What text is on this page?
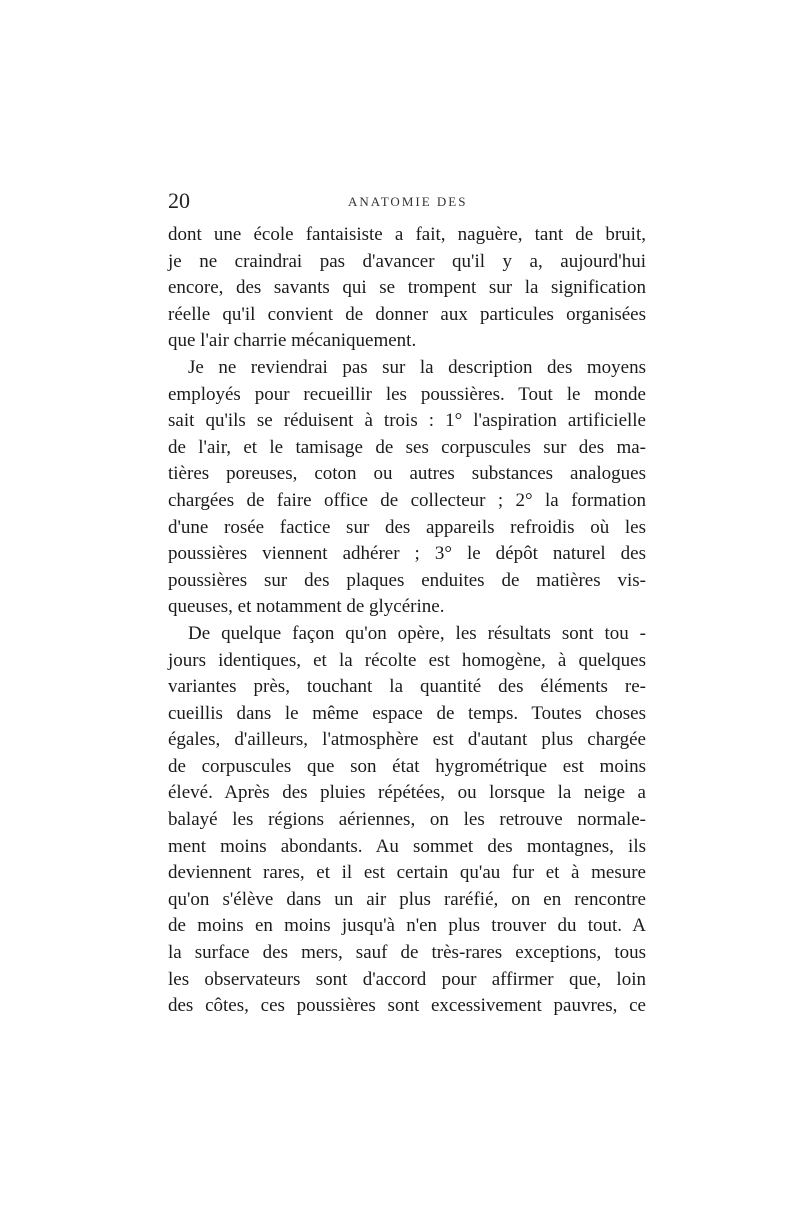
20	ANATOMIE DES
dont une école fantaisiste a fait, naguère, tant de bruit,
je ne craindrai pas d'avancer qu'il y a, aujourd'hui
encore, des savants qui se trompent sur la signification
réelle qu'il convient de donner aux particules organisées
que l'air charrie mécaniquement.
Je ne reviendrai pas sur la description des moyens
employés pour recueillir les poussières. Tout le monde
sait qu'ils se réduisent à trois : 1° l'aspiration artificielle
de l'air, et le tamisage de ses corpuscules sur des ma-
tières poreuses, coton ou autres substances analogues
chargées de faire office de collecteur ; 2° la formation
d'une rosée factice sur des appareils refroidis où les
poussières viennent adhérer ; 3° le dépôt naturel des
poussières sur des plaques enduites de matières vis-
queuses, et notamment de glycérine.
De quelque façon qu'on opère, les résultats sont tou -
jours identiques, et la récolte est homogène, à quelques
variantes près, touchant la quantité des éléments re-
cueillis dans le même espace de temps. Toutes choses
égales, d'ailleurs, l'atmosphère est d'autant plus chargée
de corpuscules que son état hygrométrique est moins
élevé. Après des pluies répétées, ou lorsque la neige a
balayé les régions aériennes, on les retrouve normale-
ment moins abondants. Au sommet des montagnes, ils
deviennent rares, et il est certain qu'au fur et à mesure
qu'on s'élève dans un air plus raréfié, on en rencontre
de moins en moins jusqu'à n'en plus trouver du tout. A
la surface des mers, sauf de très-rares exceptions, tous
les observateurs sont d'accord pour affirmer que, loin
des côtes, ces poussières sont excessivement pauvres, ce
